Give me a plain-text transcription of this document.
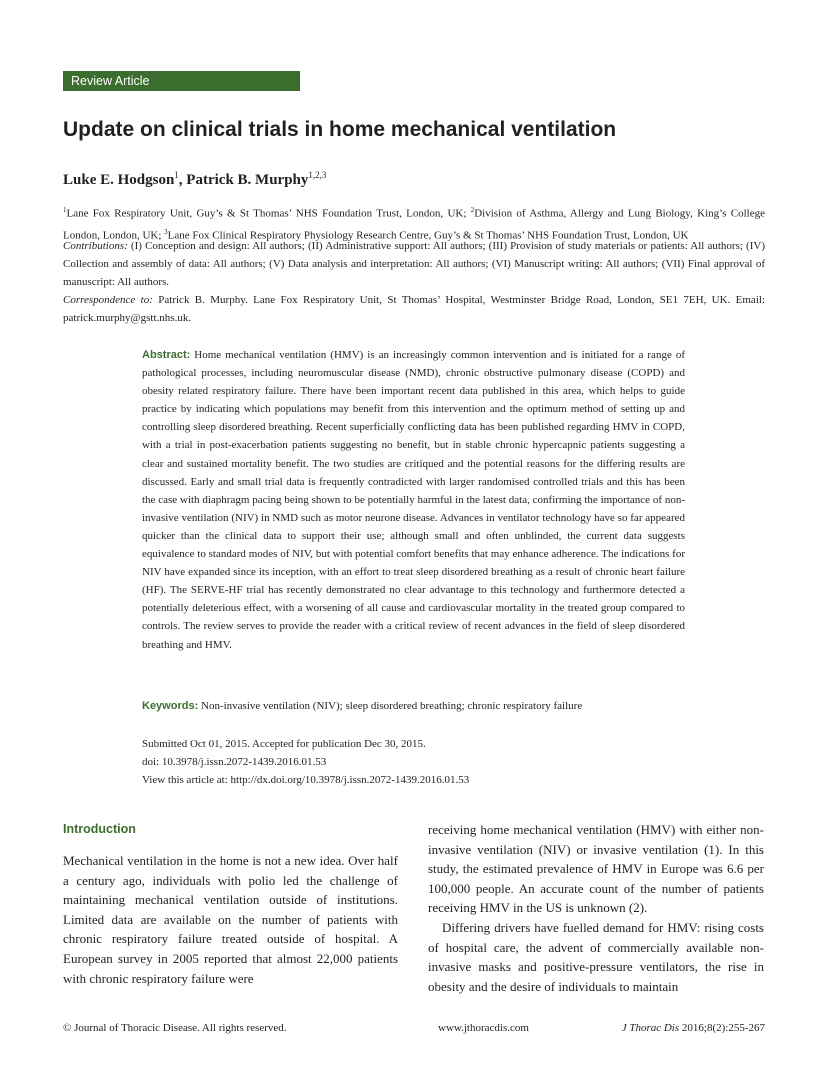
Review Article
Update on clinical trials in home mechanical ventilation
Luke E. Hodgson$^1$, Patrick B. Murphy$^{1,2,3}$
$^1$Lane Fox Respiratory Unit, Guy’s & St Thomas’ NHS Foundation Trust, London, UK; $^2$Division of Asthma, Allergy and Lung Biology, King’s College London, London, UK; $^3$Lane Fox Clinical Respiratory Physiology Research Centre, Guy’s & St Thomas’ NHS Foundation Trust, London, UK
Contributions: (I) Conception and design: All authors; (II) Administrative support: All authors; (III) Provision of study materials or patients: All authors; (IV) Collection and assembly of data: All authors; (V) Data analysis and interpretation: All authors; (VI) Manuscript writing: All authors; (VII) Final approval of manuscript: All authors.
Correspondence to: Patrick B. Murphy. Lane Fox Respiratory Unit, St Thomas’ Hospital, Westminster Bridge Road, London, SE1 7EH, UK. Email: patrick.murphy@gstt.nhs.uk.
Abstract: Home mechanical ventilation (HMV) is an increasingly common intervention and is initiated for a range of pathological processes, including neuromuscular disease (NMD), chronic obstructive pulmonary disease (COPD) and obesity related respiratory failure. There have been important recent data published in this area, which helps to guide practice by indicating which populations may benefit from this intervention and the optimum method of setting up and controlling sleep disordered breathing. Recent superficially conflicting data has been published regarding HMV in COPD, with a trial in post-exacerbation patients suggesting no benefit, but in stable chronic hypercapnic patients suggesting a clear and sustained mortality benefit. The two studies are critiqued and the potential reasons for the differing results are discussed. Early and small trial data is frequently contradicted with larger randomised controlled trials and this has been the case with diaphragm pacing being shown to be potentially harmful in the latest data, confirming the importance of non-invasive ventilation (NIV) in NMD such as motor neurone disease. Advances in ventilator technology have so far appeared quicker than the clinical data to support their use; although small and often unblinded, the current data suggests equivalence to standard modes of NIV, but with potential comfort benefits that may enhance adherence. The indications for NIV have expanded since its inception, with an effort to treat sleep disordered breathing as a result of chronic heart failure (HF). The SERVE-HF trial has recently demonstrated no clear advantage to this technology and furthermore detected a potentially deleterious effect, with a worsening of all cause and cardiovascular mortality in the treated group compared to controls. The review serves to provide the reader with a critical review of recent advances in the field of sleep disordered breathing and HMV.
Keywords: Non-invasive ventilation (NIV); sleep disordered breathing; chronic respiratory failure
Submitted Oct 01, 2015. Accepted for publication Dec 30, 2015.
doi: 10.3978/j.issn.2072-1439.2016.01.53
View this article at: http://dx.doi.org/10.3978/j.issn.2072-1439.2016.01.53
Introduction
Mechanical ventilation in the home is not a new idea. Over half a century ago, individuals with polio led the challenge of maintaining mechanical ventilation outside of institutions. Limited data are available on the number of patients with chronic respiratory failure treated outside of hospital. A European survey in 2005 reported that almost 22,000 patients with chronic respiratory failure were
receiving home mechanical ventilation (HMV) with either non-invasive ventilation (NIV) or invasive ventilation (1). In this study, the estimated prevalence of HMV in Europe was 6.6 per 100,000 people. An accurate count of the number of patients receiving HMV in the US is unknown (2).
Differing drivers have fuelled demand for HMV: rising costs of hospital care, the advent of commercially available non-invasive masks and positive-pressure ventilators, the rise in obesity and the desire of individuals to maintain
© Journal of Thoracic Disease. All rights reserved.	www.jthoracdis.com	J Thorac Dis 2016;8(2):255-267
